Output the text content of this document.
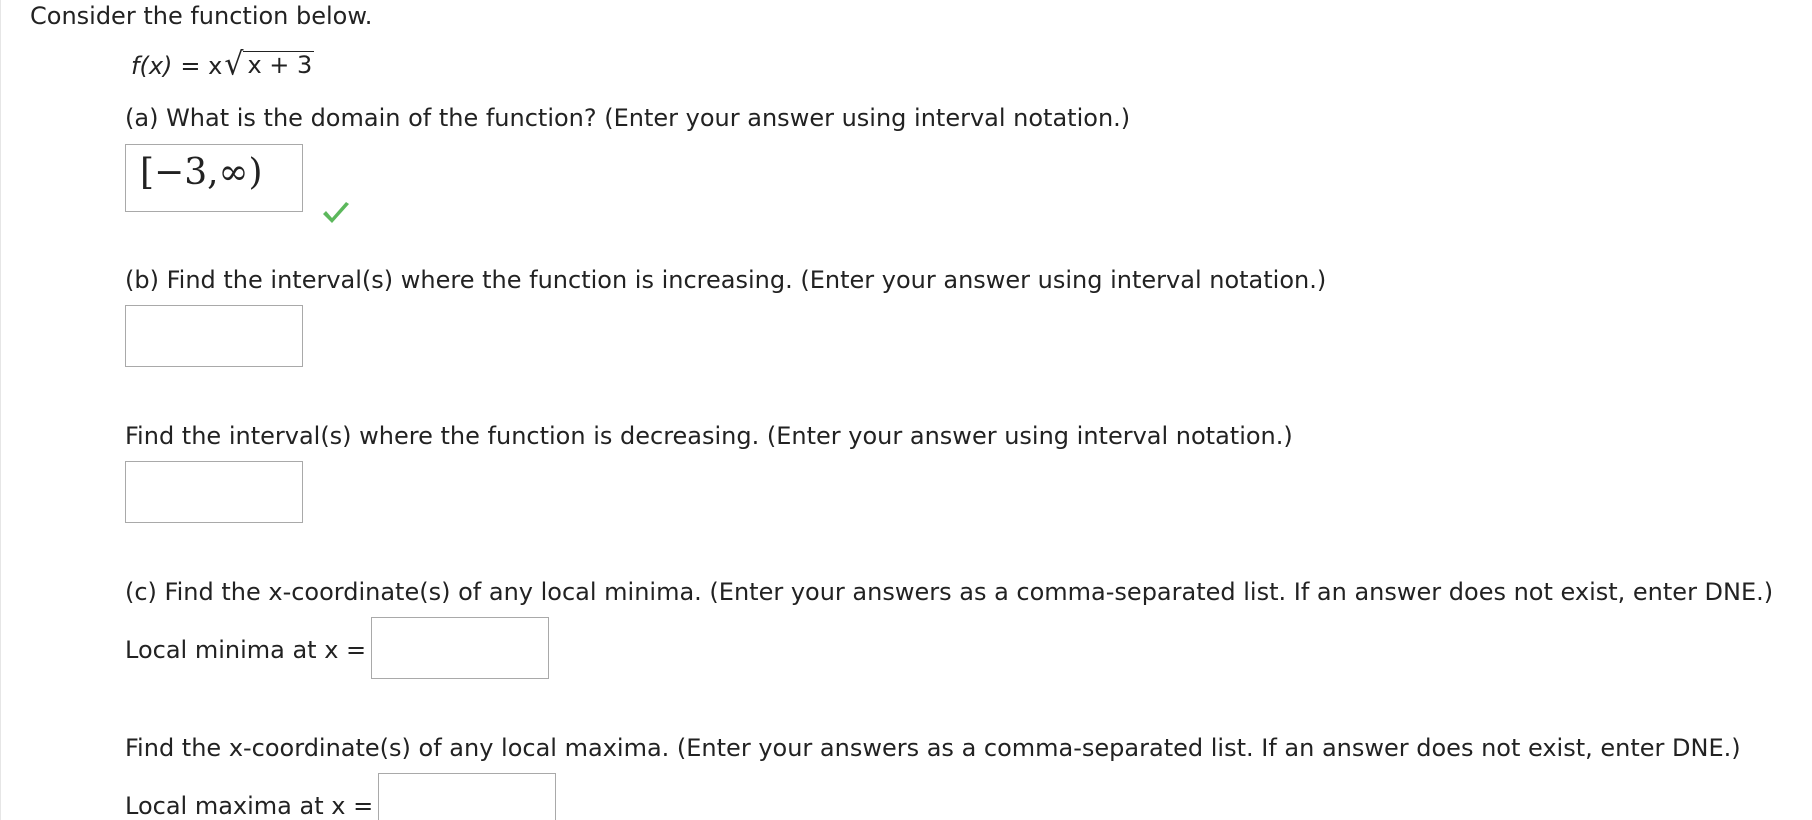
Consider the function below.
f(x) = x √ x + 3
(a) What is the domain of the function? (Enter your answer using interval notation.)
[−3,∞)
(b) Find the interval(s) where the function is increasing. (Enter your answer using interval notation.)
Find the interval(s) where the function is decreasing. (Enter your answer using interval notation.)
(c) Find the x-coordinate(s) of any local minima. (Enter your answers as a comma-separated list. If an answer does not exist, enter DNE.)
Local minima at x =
Find the x-coordinate(s) of any local maxima. (Enter your answers as a comma-separated list. If an answer does not exist, enter DNE.)
Local maxima at x =
